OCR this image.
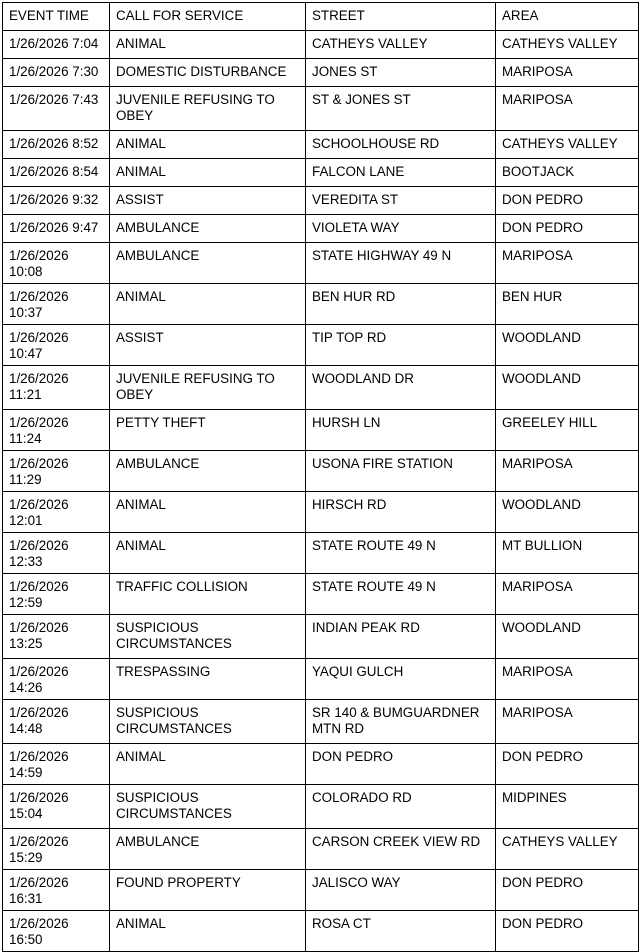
EVENT TIME	CALL FOR SERVICE	STREET	AREA
1/26/2026 7:04	ANIMAL	CATHEYS VALLEY	CATHEYS VALLEY
1/26/2026 7:30	DOMESTIC DISTURBANCE	JONES ST	MARIPOSA
1/26/2026 7:43	JUVENILE REFUSING TO OBEY	ST & JONES ST	MARIPOSA
1/26/2026 8:52	ANIMAL	SCHOOLHOUSE RD	CATHEYS VALLEY
1/26/2026 8:54	ANIMAL	FALCON LANE	BOOTJACK
1/26/2026 9:32	ASSIST	VEREDITA ST	DON PEDRO
1/26/2026 9:47	AMBULANCE	VIOLETA WAY	DON PEDRO
1/26/2026 10:08	AMBULANCE	STATE HIGHWAY 49 N	MARIPOSA
1/26/2026 10:37	ANIMAL	BEN HUR RD	BEN HUR
1/26/2026 10:47	ASSIST	TIP TOP RD	WOODLAND
1/26/2026 11:21	JUVENILE REFUSING TO OBEY	WOODLAND DR	WOODLAND
1/26/2026 11:24	PETTY THEFT	HURSH LN	GREELEY HILL
1/26/2026 11:29	AMBULANCE	USONA FIRE STATION	MARIPOSA
1/26/2026 12:01	ANIMAL	HIRSCH RD	WOODLAND
1/26/2026 12:33	ANIMAL	STATE ROUTE 49 N	MT BULLION
1/26/2026 12:59	TRAFFIC COLLISION	STATE ROUTE 49 N	MARIPOSA
1/26/2026 13:25	SUSPICIOUS CIRCUMSTANCES	INDIAN PEAK RD	WOODLAND
1/26/2026 14:26	TRESPASSING	YAQUI GULCH	MARIPOSA
1/26/2026 14:48	SUSPICIOUS CIRCUMSTANCES	SR 140 & BUMGUARDNER MTN RD	MARIPOSA
1/26/2026 14:59	ANIMAL	DON PEDRO	DON PEDRO
1/26/2026 15:04	SUSPICIOUS CIRCUMSTANCES	COLORADO RD	MIDPINES
1/26/2026 15:29	AMBULANCE	CARSON CREEK VIEW RD	CATHEYS VALLEY
1/26/2026 16:31	FOUND PROPERTY	JALISCO WAY	DON PEDRO
1/26/2026 16:50	ANIMAL	ROSA CT	DON PEDRO
